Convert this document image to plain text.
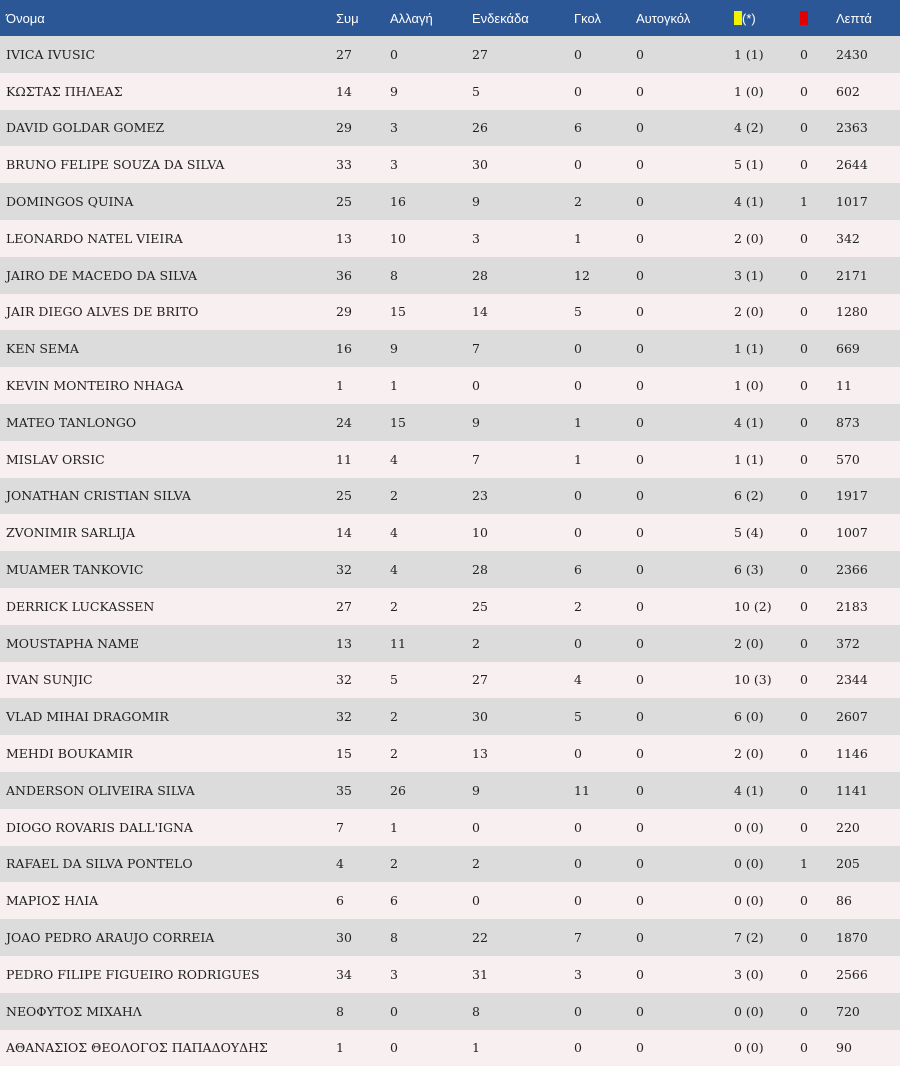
Όνομα	Συμ	Αλλαγή	Ενδεκάδα	Γκολ	Αυτογκόλ	(*)		Λεπτά
IVICA IVUSIC	27	0	27	0	0	1 (1)	0	2430
ΚΩΣΤΑΣ ΠΗΛΕΑΣ	14	9	5	0	0	1 (0)	0	602
DAVID GOLDAR GOMEZ	29	3	26	6	0	4 (2)	0	2363
BRUNO FELIPE SOUZA DA SILVA	33	3	30	0	0	5 (1)	0	2644
DOMINGOS QUINA	25	16	9	2	0	4 (1)	1	1017
LEONARDO NATEL VIEIRA	13	10	3	1	0	2 (0)	0	342
JAIRO DE MACEDO DA SILVA	36	8	28	12	0	3 (1)	0	2171
JAIR DIEGO ALVES DE BRITO	29	15	14	5	0	2 (0)	0	1280
KEN SEMA	16	9	7	0	0	1 (1)	0	669
KEVIN MONTEIRO NHAGA	1	1	0	0	0	1 (0)	0	11
MATEO TANLONGO	24	15	9	1	0	4 (1)	0	873
MISLAV ORSIC	11	4	7	1	0	1 (1)	0	570
JONATHAN CRISTIAN SILVA	25	2	23	0	0	6 (2)	0	1917
ZVONIMIR SARLIJA	14	4	10	0	0	5 (4)	0	1007
MUAMER TANKOVIC	32	4	28	6	0	6 (3)	0	2366
DERRICK LUCKASSEN	27	2	25	2	0	10 (2)	0	2183
MOUSTAPHA NAME	13	11	2	0	0	2 (0)	0	372
IVAN SUNJIC	32	5	27	4	0	10 (3)	0	2344
VLAD MIHAI DRAGOMIR	32	2	30	5	0	6 (0)	0	2607
MEHDI BOUKAMIR	15	2	13	0	0	2 (0)	0	1146
ANDERSON OLIVEIRA SILVA	35	26	9	11	0	4 (1)	0	1141
DIOGO ROVARIS DALL'IGNA	7	1	0	0	0	0 (0)	0	220
RAFAEL DA SILVA PONTELO	4	2	2	0	0	0 (0)	1	205
ΜΑΡΙΟΣ ΗΛΙΑ	6	6	0	0	0	0 (0)	0	86
JOAO PEDRO ARAUJO CORREIA	30	8	22	7	0	7 (2)	0	1870
PEDRO FILIPE FIGUEIRO RODRIGUES	34	3	31	3	0	3 (0)	0	2566
ΝΕΟΦΥΤΟΣ ΜΙΧΑΗΛ	8	0	8	0	0	0 (0)	0	720
ΑΘΑΝΑΣΙΟΣ ΘΕΟΛΟΓΟΣ ΠΑΠΑΔΟΥΔΗΣ	1	0	1	0	0	0 (0)	0	90
